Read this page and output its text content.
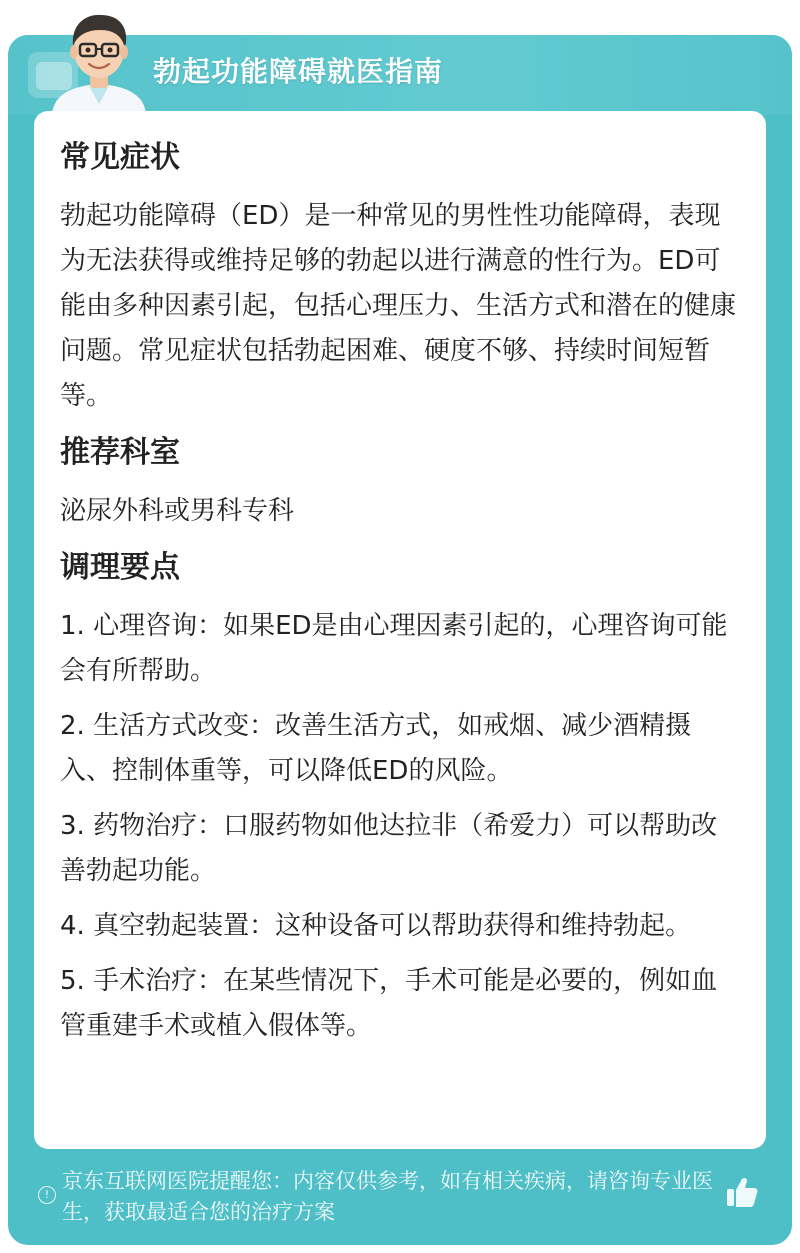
勃起功能障碍就医指南
常见症状
勃起功能障碍（ED）是一种常见的男性性功能障碍，表现为无法获得或维持足够的勃起以进行满意的性行为。ED可能由多种因素引起，包括心理压力、生活方式和潜在的健康问题。常见症状包括勃起困难、硬度不够、持续时间短暂等。
推荐科室
泌尿外科或男科专科
调理要点
1. 心理咨询：如果ED是由心理因素引起的，心理咨询可能会有所帮助。
2. 生活方式改变：改善生活方式，如戒烟、减少酒精摄入、控制体重等，可以降低ED的风险。
3. 药物治疗：口服药物如他达拉非（希爱力）可以帮助改善勃起功能。
4. 真空勃起装置：这种设备可以帮助获得和维持勃起。
5. 手术治疗：在某些情况下，手术可能是必要的，例如血管重建手术或植入假体等。
!
京东互联网医院提醒您：内容仅供参考，如有相关疾病，请咨询专业医生，获取最适合您的治疗方案
